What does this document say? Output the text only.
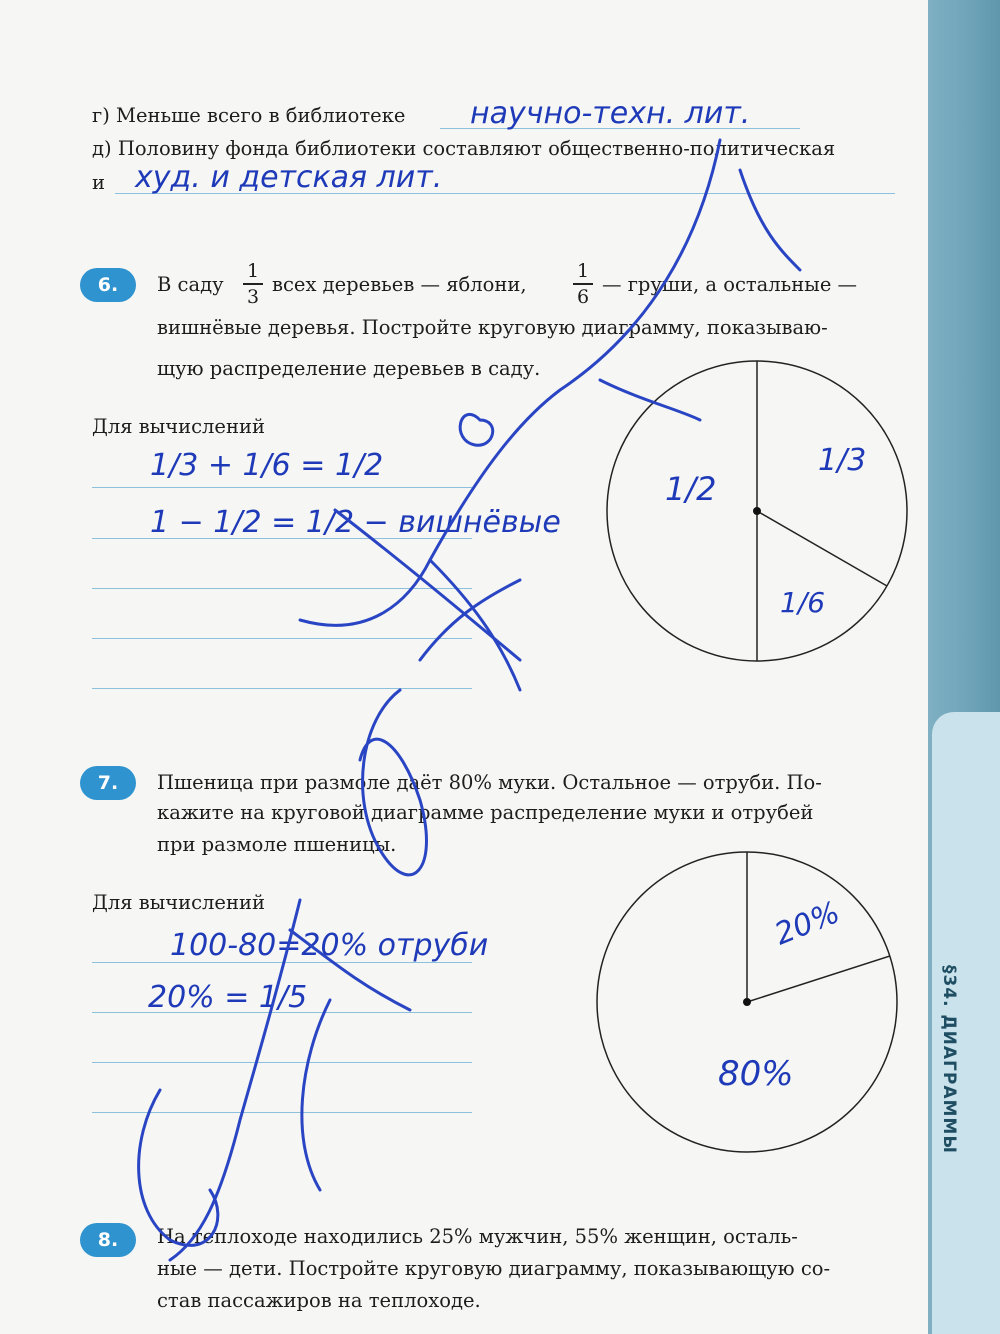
г) Меньше всего в библиотеке научно-техн. лит.
д) Половину фонда библиотеки составляют общественно-политическая
и худ. и детская лит.
6.	В саду
1
3
всех деревьев — яблони,
1
6
— груши, а остальные —
вишнёвые деревья. Постройте круговую диаграмму, показываю-
щую распределение деревьев в саду.
Для вычислений
1/3 + 1/6 = 1/2
1 − 1/2 = 1/2 − вишнёвые
7.	Пшеница при размоле даёт 80% муки. Остальное — отруби. По-
кажите на круговой диаграмме распределение муки и отрубей
при размоле пшеницы.
Для вычислений
100-80=20% отруби
20% = 1/5
8.	На теплоходе находились 25% мужчин, 55% женщин, осталь-
ные — дети. Постройте круговую диаграмму, показывающую со-
став пассажиров на теплоходе.
1/2
1/3
1/6
20%
80%
